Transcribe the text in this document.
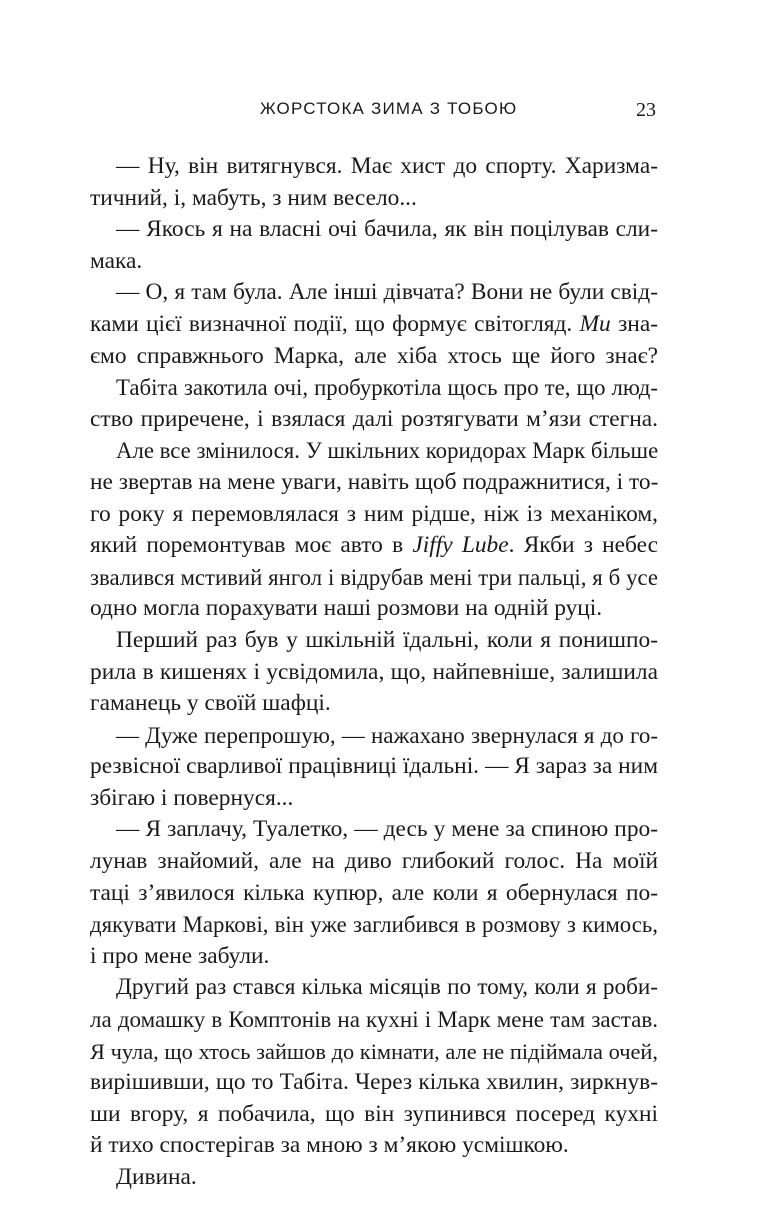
ЖОРСТОКА ЗИМА З ТОБОЮ	23
— Ну, він витягнувся. Має хист до спорту. Харизма-
тичний, і, мабуть, з ним весело...
— Якось я на власні очі бачила, як він поцілував сли-
мака.
— О, я там була. Але інші дівчата? Вони не були свід-
ками цієї визначної події, що формує світогляд. Ми зна-
ємо справжнього Марка, але хіба хтось ще його знає?
Табіта закотила очі, пробуркотіла щось про те, що люд-
ство приречене, і взялася далі розтягувати м’язи стегна.
Але все змінилося. У шкільних коридорах Марк більше
не звертав на мене уваги, навіть щоб подражнитися, і то-
го року я перемовлялася з ним рідше, ніж із механіком,
який поремонтував моє авто в Jiffy Lube. Якби з небес
звалився мстивий янгол і відрубав мені три пальці, я б усе
одно могла порахувати наші розмови на одній руці.
Перший раз був у шкільній їдальні, коли я понишпо-
рила в кишенях і усвідомила, що, найпевніше, залишила
гаманець у своїй шафці.
— Дуже перепрошую, — нажахано звернулася я до го-
резвісної сварливої працівниці їдальні. — Я зараз за ним
збігаю і повернуся...
— Я заплачу, Туалетко, — десь у мене за спиною про-
лунав знайомий, але на диво глибокий голос. На моїй
таці з’явилося кілька купюр, але коли я обернулася по-
дякувати Маркові, він уже заглибився в розмову з кимось,
і про мене забули.
Другий раз стався кілька місяців по тому, коли я роби-
ла домашку в Комптонів на кухні і Марк мене там застав.
Я чула, що хтось зайшов до кімнати, але не підіймала очей,
вирішивши, що то Табіта. Через кілька хвилин, зиркнув-
ши вгору, я побачила, що він зупинився посеред кухні
й тихо спостерігав за мною з м’якою усмішкою.
Дивина.
